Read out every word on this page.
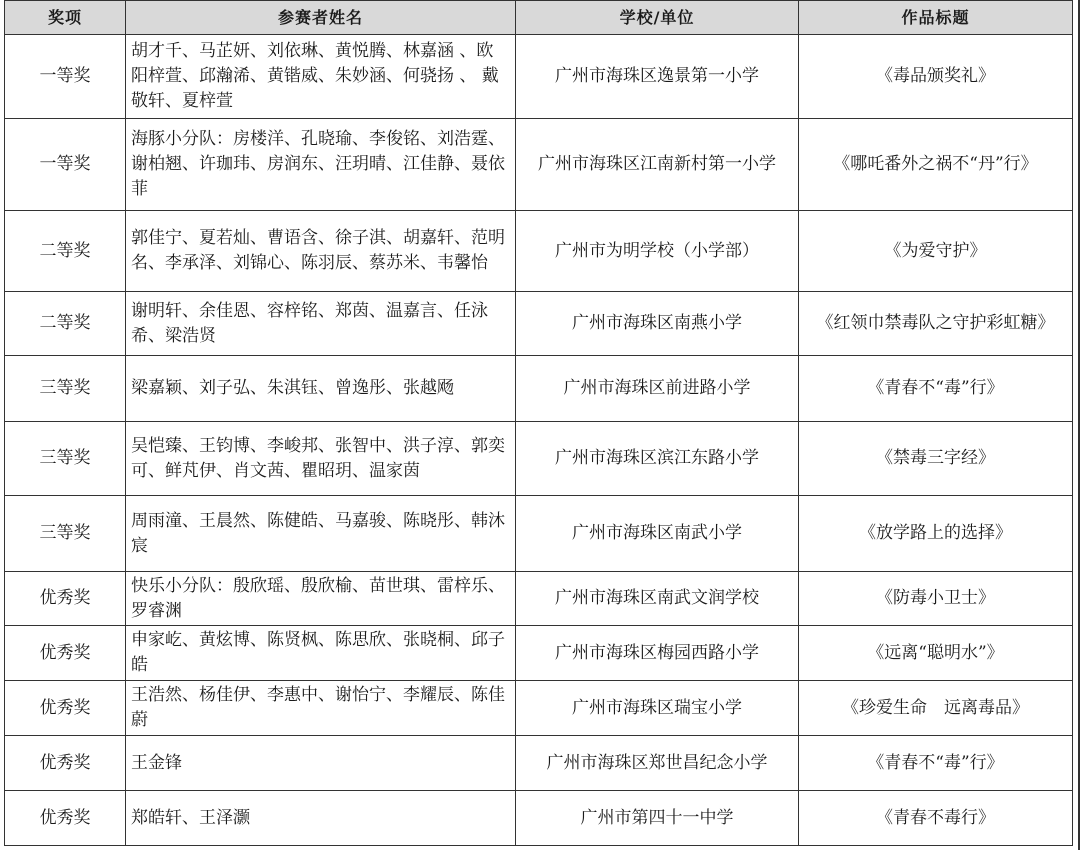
奖项	参赛者姓名	学校/单位	作品标题
一等奖	胡才千、马芷妍、刘依琳、黄悦腾、林嘉涵 、欧阳梓萱、邱瀚浠、黄锴威、朱妙涵、何骁扬 、 戴敬轩、夏梓萱	广州市海珠区逸景第一小学	《毒品颁奖礼》
一等奖	海豚小分队：房楼洋、孔晓瑜、李俊铭、刘浩霆、谢柏翘、许珈玮、房润东、汪玥晴、江佳静、聂依菲	广州市海珠区江南新村第一小学	《哪吒番外之祸不“丹”行》
二等奖	郭佳宁、夏若灿、曹语含、徐子淇、胡嘉轩、范明名、李承泽、刘锦心、陈羽辰、蔡苏米、韦馨怡	广州市为明学校（小学部）	《为爱守护》
二等奖	谢明轩、余佳恩、容梓铭、郑茵、温嘉言、任泳希、梁浩贤	广州市海珠区南燕小学	《红领巾禁毒队之守护彩虹糖》
三等奖	梁嘉颖、刘子弘、朱淇钰、曾逸彤、张越飏	广州市海珠区前进路小学	《青春不“毒”行》
三等奖	吴恺臻、王钧博、李峻邦、张智中、洪子淳、郭奕可、鲜芃伊、肖文茜、瞿昭玥、温家茵	广州市海珠区滨江东路小学	《禁毒三字经》
三等奖	周雨潼、王晨然、陈健皓、马嘉骏、陈晓彤、韩沐宸	广州市海珠区南武小学	《放学路上的选择》
优秀奖	快乐小分队：殷欣瑶、殷欣榆、苗世琪、雷梓乐、罗睿渊	广州市海珠区南武文润学校	《防毒小卫士》
优秀奖	申家屹、黄炫博、陈贤枫、陈思欣、张晓桐、邱子皓	广州市海珠区梅园西路小学	《远离“聪明水”》
优秀奖	王浩然、杨佳伊、李惠中、谢怡宁、李耀辰、陈佳蔚	广州市海珠区瑞宝小学	《珍爱生命　远离毒品》
优秀奖	王金锋	广州市海珠区郑世昌纪念小学	《青春不“毒”行》
优秀奖	郑皓轩、王泽灏	广州市第四十一中学	《青春不毒行》
